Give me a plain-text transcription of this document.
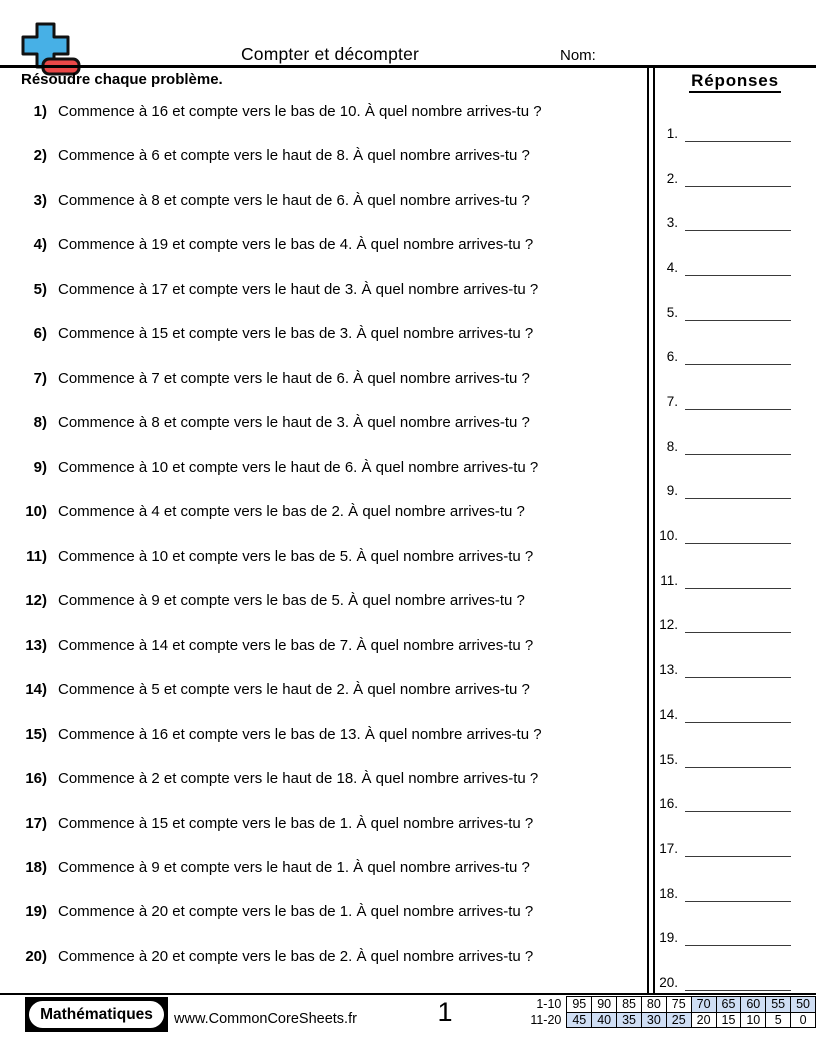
Compter et décompter	Nom:
Résoudre chaque problème.	Réponses
1) Commence à 16 et compte vers le bas de 10. À quel nombre arrives-tu ?
2) Commence à 6 et compte vers le haut de 8. À quel nombre arrives-tu ?
3) Commence à 8 et compte vers le haut de 6. À quel nombre arrives-tu ?
4) Commence à 19 et compte vers le bas de 4. À quel nombre arrives-tu ?
5) Commence à 17 et compte vers le haut de 3. À quel nombre arrives-tu ?
6) Commence à 15 et compte vers le bas de 3. À quel nombre arrives-tu ?
7) Commence à 7 et compte vers le haut de 6. À quel nombre arrives-tu ?
8) Commence à 8 et compte vers le haut de 3. À quel nombre arrives-tu ?
9) Commence à 10 et compte vers le haut de 6. À quel nombre arrives-tu ?
10) Commence à 4 et compte vers le bas de 2. À quel nombre arrives-tu ?
11) Commence à 10 et compte vers le bas de 5. À quel nombre arrives-tu ?
12) Commence à 9 et compte vers le bas de 5. À quel nombre arrives-tu ?
13) Commence à 14 et compte vers le bas de 7. À quel nombre arrives-tu ?
14) Commence à 5 et compte vers le haut de 2. À quel nombre arrives-tu ?
15) Commence à 16 et compte vers le bas de 13. À quel nombre arrives-tu ?
16) Commence à 2 et compte vers le haut de 18. À quel nombre arrives-tu ?
17) Commence à 15 et compte vers le bas de 1. À quel nombre arrives-tu ?
18) Commence à 9 et compte vers le haut de 1. À quel nombre arrives-tu ?
19) Commence à 20 et compte vers le bas de 1. À quel nombre arrives-tu ?
20) Commence à 20 et compte vers le bas de 2. À quel nombre arrives-tu ?
1.
2.
3.
4.
5.
6.
7.
8.
9.
10.
11.
12.
13.
14.
15.
16.
17.
18.
19.
20.
Mathématiques	www.CommonCoreSheets.fr	1	1-10	95	90	85	80	75	70	65	60	55	50
11-20	45	40	35	30	25	20	15	10	5	0
